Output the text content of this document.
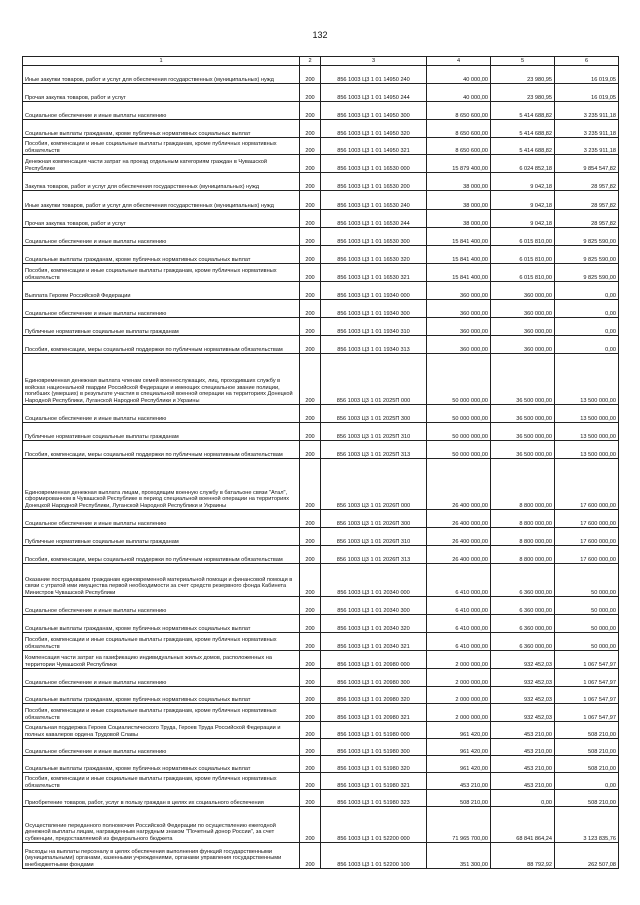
132
1	2	3	4	5	6
Иные закупки товаров, работ и услуг для обеспечения государственных (муниципальных) нужд	200	856 1003 Ц3 1 01 14950 240	40 000,00	23 980,95	16 019,05
Прочая закупка товаров, работ и услуг	200	856 1003 Ц3 1 01 14950 244	40 000,00	23 980,95	16 019,05
Социальное обеспечение и иные выплаты населению	200	856 1003 Ц3 1 01 14950 300	8 650 600,00	5 414 688,82	3 235 911,18
Социальные выплаты гражданам, кроме публичных нормативных социальных выплат	200	856 1003 Ц3 1 01 14950 320	8 650 600,00	5 414 688,82	3 235 911,18
Пособия, компенсации и иные социальные выплаты гражданам, кроме публичных нормативных обязательств	200	856 1003 Ц3 1 01 14950 321	8 650 600,00	5 414 688,82	3 235 911,18
Денежная компенсация части затрат на проезд отдельным категориям граждан в Чувашской Республике	200	856 1003 Ц3 1 01 16530 000	15 879 400,00	6 024 852,18	9 854 547,82
Закупка товаров, работ и услуг для обеспечения государственных (муниципальных) нужд	200	856 1003 Ц3 1 01 16530 200	38 000,00	9 042,18	28 957,82
Иные закупки товаров, работ и услуг для обеспечения государственных (муниципальных) нужд	200	856 1003 Ц3 1 01 16530 240	38 000,00	9 042,18	28 957,82
Прочая закупка товаров, работ и услуг	200	856 1003 Ц3 1 01 16530 244	38 000,00	9 042,18	28 957,82
Социальное обеспечение и иные выплаты населению	200	856 1003 Ц3 1 01 16530 300	15 841 400,00	6 015 810,00	9 825 590,00
Социальные выплаты гражданам, кроме публичных нормативных социальных выплат	200	856 1003 Ц3 1 01 16530 320	15 841 400,00	6 015 810,00	9 825 590,00
Пособия, компенсации и иные социальные выплаты гражданам, кроме публичных нормативных обязательств	200	856 1003 Ц3 1 01 16530 321	15 841 400,00	6 015 810,00	9 825 590,00
Выплата Героям Российской Федерации	200	856 1003 Ц3 1 01 19340 000	360 000,00	360 000,00	0,00
Социальное обеспечение и иные выплаты населению	200	856 1003 Ц3 1 01 19340 300	360 000,00	360 000,00	0,00
Публичные нормативные социальные выплаты гражданам	200	856 1003 Ц3 1 01 19340 310	360 000,00	360 000,00	0,00
Пособия, компенсации, меры социальной поддержки по публичным нормативным обязательствам	200	856 1003 Ц3 1 01 19340 313	360 000,00	360 000,00	0,00
Единовременная денежная выплата членам семей военнослужащих, лиц, проходивших службу в войсках национальной гвардии Российской Федерации и имеющих специальное звание полиции, погибших (умерших) в результате участия в специальной военной операции на территориях Донецкой Народной Республики, Луганской Народной Республики и Украины	200	856 1003 Ц3 1 01 2025П 000	50 000 000,00	36 500 000,00	13 500 000,00
Социальное обеспечение и иные выплаты населению	200	856 1003 Ц3 1 01 2025П 300	50 000 000,00	36 500 000,00	13 500 000,00
Публичные нормативные социальные выплаты гражданам	200	856 1003 Ц3 1 01 2025П 310	50 000 000,00	36 500 000,00	13 500 000,00
Пособия, компенсации, меры социальной поддержки по публичным нормативным обязательствам	200	856 1003 Ц3 1 01 2025П 313	50 000 000,00	36 500 000,00	13 500 000,00
Единовременная денежная выплата лицам, проходящим военную службу в батальоне связи "Атал", сформированном в Чувашской Республике в период специальной военной операции на территориях Донецкой Народной Республики, Луганской Народной Республики и Украины	200	856 1003 Ц3 1 01 2026П 000	26 400 000,00	8 800 000,00	17 600 000,00
Социальное обеспечение и иные выплаты населению	200	856 1003 Ц3 1 01 2026П 300	26 400 000,00	8 800 000,00	17 600 000,00
Публичные нормативные социальные выплаты гражданам	200	856 1003 Ц3 1 01 2026П 310	26 400 000,00	8 800 000,00	17 600 000,00
Пособия, компенсации, меры социальной поддержки по публичным нормативным обязательствам	200	856 1003 Ц3 1 01 2026П 313	26 400 000,00	8 800 000,00	17 600 000,00
Оказание пострадавшим гражданам единовременной материальной помощи и финансовой помощи в связи с утратой ими имущества первой необходимости за счет средств резервного фонда Кабинета Министров Чувашской Республики	200	856 1003 Ц3 1 01 20340 000	6 410 000,00	6 360 000,00	50 000,00
Социальное обеспечение и иные выплаты населению	200	856 1003 Ц3 1 01 20340 300	6 410 000,00	6 360 000,00	50 000,00
Социальные выплаты гражданам, кроме публичных нормативных социальных выплат	200	856 1003 Ц3 1 01 20340 320	6 410 000,00	6 360 000,00	50 000,00
Пособия, компенсации и иные социальные выплаты гражданам, кроме публичных нормативных обязательств	200	856 1003 Ц3 1 01 20340 321	6 410 000,00	6 360 000,00	50 000,00
Компенсация части затрат на газификацию индивидуальных жилых домов, расположенных на территории Чувашской Республики	200	856 1003 Ц3 1 01 20980 000	2 000 000,00	932 452,03	1 067 547,97
Социальное обеспечение и иные выплаты населению	200	856 1003 Ц3 1 01 20980 300	2 000 000,00	932 452,03	1 067 547,97
Социальные выплаты гражданам, кроме публичных нормативных социальных выплат	200	856 1003 Ц3 1 01 20980 320	2 000 000,00	932 452,03	1 067 547,97
Пособия, компенсации и иные социальные выплаты гражданам, кроме публичных нормативных обязательств	200	856 1003 Ц3 1 01 20980 321	2 000 000,00	932 452,03	1 067 547,97
Социальная поддержка Героев Социалистического Труда, Героев Труда Российской Федерации и полных кавалеров ордена Трудовой Славы	200	856 1003 Ц3 1 01 51980 000	961 420,00	453 210,00	508 210,00
Социальное обеспечение и иные выплаты населению	200	856 1003 Ц3 1 01 51980 300	961 420,00	453 210,00	508 210,00
Социальные выплаты гражданам, кроме публичных нормативных социальных выплат	200	856 1003 Ц3 1 01 51980 320	961 420,00	453 210,00	508 210,00
Пособия, компенсации и иные социальные выплаты гражданам, кроме публичных нормативных обязательств	200	856 1003 Ц3 1 01 51980 321	453 210,00	453 210,00	0,00
Приобретение товаров, работ, услуг в пользу граждан в целях их социального обеспечения	200	856 1003 Ц3 1 01 51980 323	508 210,00	0,00	508 210,00
Осуществление переданного полномочия Российской Федерации по осуществлению ежегодной денежной выплаты лицам, награжденным нагрудным знаком "Почетный донор России", за счет субвенции, предоставляемой из федерального бюджета	200	856 1003 Ц3 1 01 52200 000	71 965 700,00	68 841 864,24	3 123 835,76
Расходы на выплаты персоналу в целях обеспечения выполнения функций государственными (муниципальными) органами, казенными учреждениями, органами управления государственными внебюджетными фондами	200	856 1003 Ц3 1 01 52200 100	351 300,00	88 792,92	262 507,08
